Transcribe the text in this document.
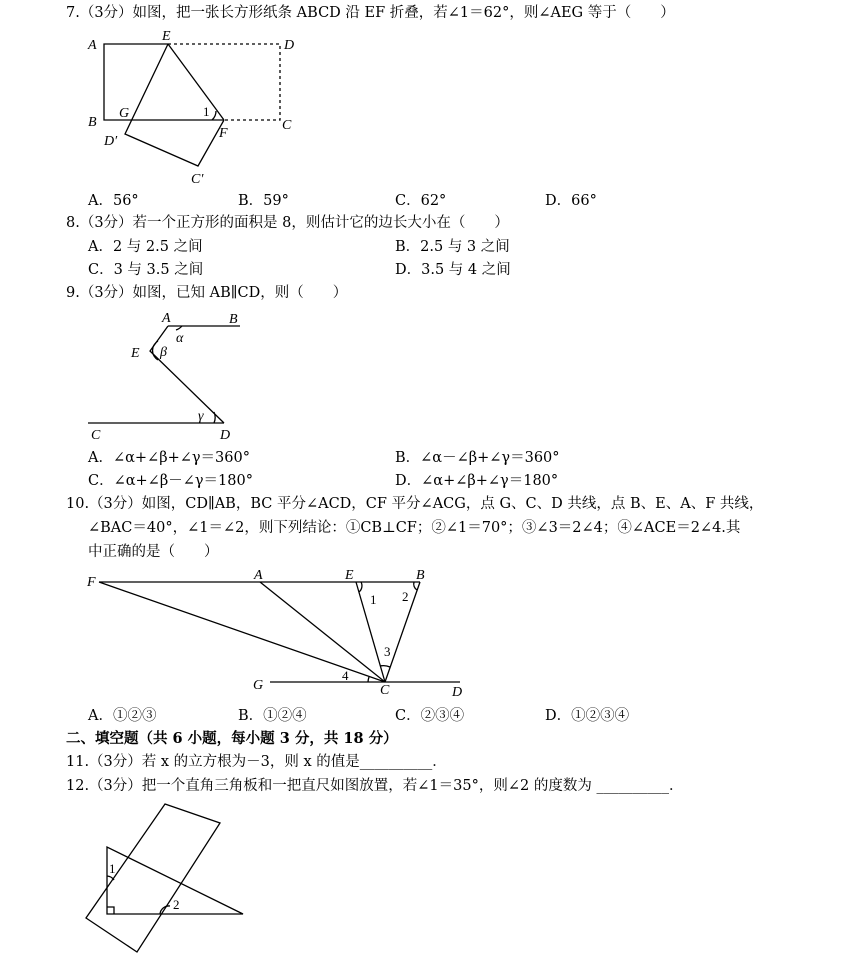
7.（3分）如图，把一张长方形纸条 ABCD 沿 EF 折叠，若∠1＝62°，则∠AEG 等于（　　）
A
E
D
B
G
C
F
D′
C′
1
A．56°	B．59°	C．62°	D．66°
8.（3分）若一个正方形的面积是 8，则估计它的边长大小在（　　）
A．2 与 2.5 之间	B．2.5 与 3 之间
C．3 与 3.5 之间	D．3.5 与 4 之间
9.（3分）如图，已知 AB∥CD，则（　　）
A	B
α
E β
γ
C	D
A．∠α+∠β+∠γ＝360°	B．∠α－∠β+∠γ＝360°
C．∠α+∠β－∠γ＝180°	D．∠α+∠β+∠γ＝180°
10.（3分）如图，CD∥AB，BC 平分∠ACD，CF 平分∠ACG，点 G、C、D 共线，点 B、E、A、F 共线，
∠BAC＝40°，∠1＝∠2，则下列结论：①CB⊥CF；②∠1＝70°；③∠3＝2∠4；④∠ACE＝2∠4.其
中正确的是（　　）
F	A	E	B
G	C	D
1 2
3
4
A．①②③	B．①②④	C．②③④	D．①②③④
二、填空题（共 6 小题，每小题 3 分，共 18 分）
11.（3分）若 x 的立方根为－3，则 x 的值是__________．
12.（3分）把一个直角三角板和一把直尺如图放置，若∠1＝35°，则∠2 的度数为 __________．
1
2
